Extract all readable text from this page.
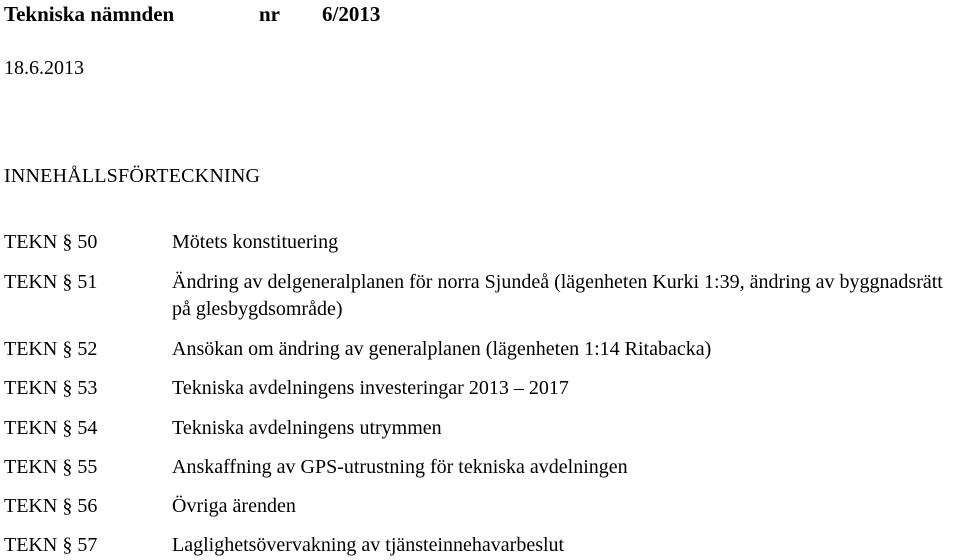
Tekniska nämnden	nr 6/2013
18.6.2013
INNEHÅLLSFÖRTECKNING
TEKN § 50	Mötets konstituering
TEKN § 51	Ändring av delgeneralplanen för norra Sjundeå (lägenheten Kurki 1:39, ändring av byggnadsrätt på glesbygdsområde)
TEKN § 52	Ansökan om ändring av generalplanen (lägenheten 1:14 Ritabacka)
TEKN § 53	Tekniska avdelningens investeringar 2013 – 2017
TEKN § 54	Tekniska avdelningens utrymmen
TEKN § 55	Anskaffning av GPS-utrustning för tekniska avdelningen
TEKN § 56	Övriga ärenden
TEKN § 57	Laglighetsövervakning av tjänsteinnehavarbeslut
